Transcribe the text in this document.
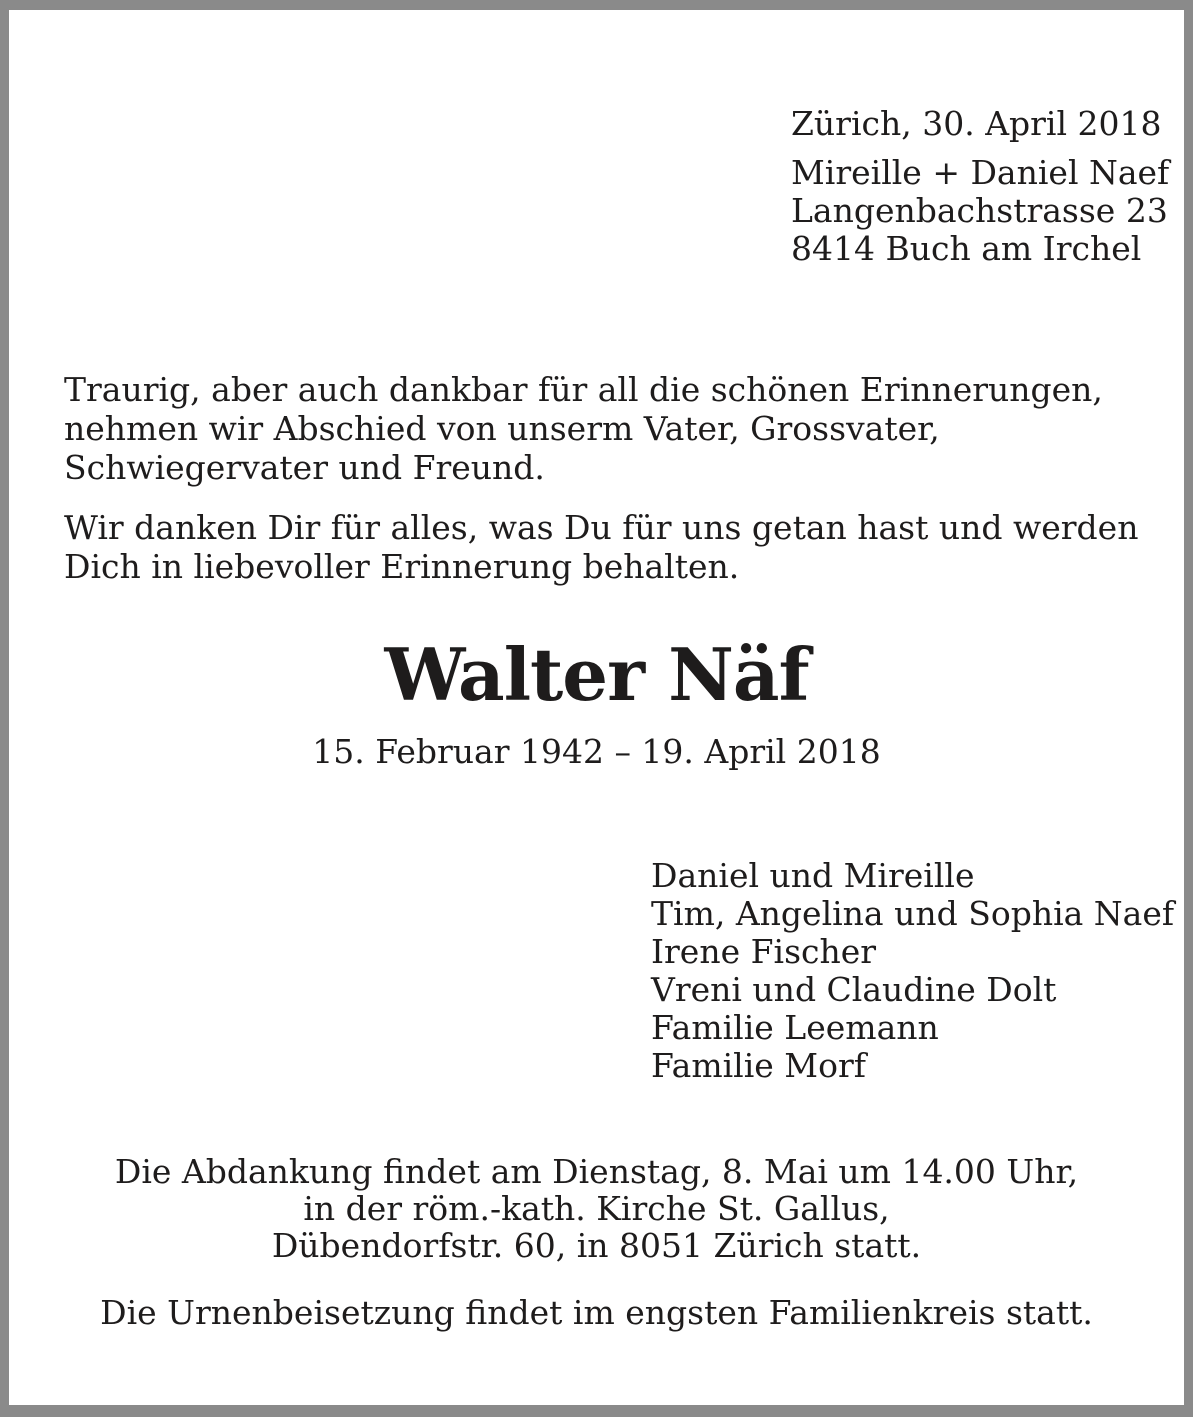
Zürich, 30. April 2018
Mireille + Daniel Naef
Langenbachstrasse 23
8414 Buch am Irchel

Traurig, aber auch dankbar für all die schönen Erinnerungen, nehmen wir Abschied von unserm Vater, Grossvater, Schwiegervater und Freund.

Wir danken Dir für alles, was Du für uns getan hast und werden Dich in liebevoller Erinnerung behalten.

Walter Näf
15. Februar 1942 – 19. April 2018
Daniel und Mireille
Tim, Angelina und Sophia Naef
Irene Fischer
Vreni und Claudine Dolt
Familie Leemann
Familie Morf
Die Abdankung findet am Dienstag, 8. Mai um 14.00 Uhr,
in der röm.-kath. Kirche St. Gallus,
Dübendorfstr. 60, in 8051 Zürich statt.
Die Urnenbeisetzung findet im engsten Familienkreis statt.
